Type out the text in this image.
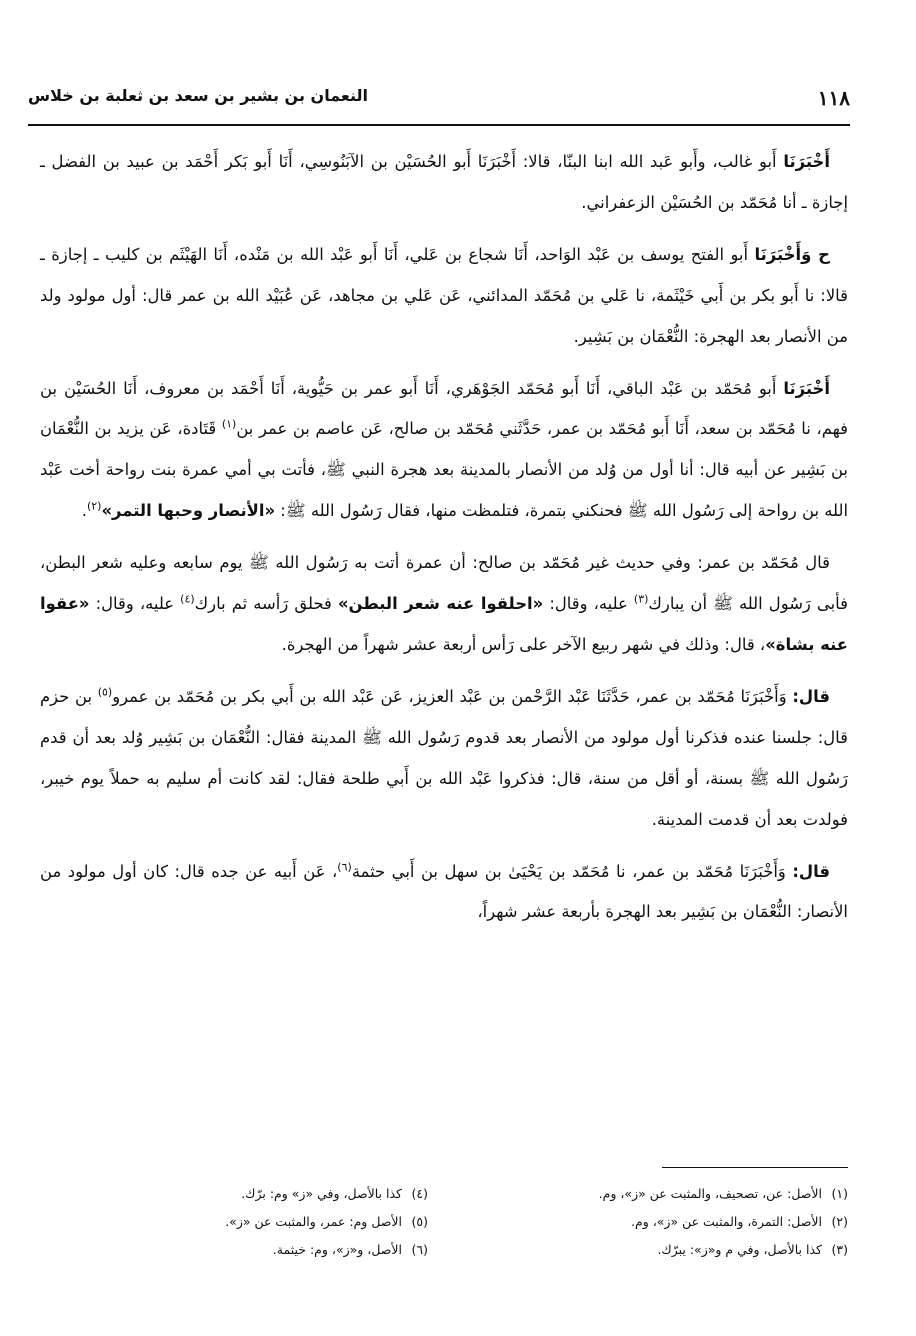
١١٨
النعمان بن بشير بن سعد بن ثعلبة بن خلاس

أَخْبَرَنَا أَبو غالب، وأَبو عَبد الله ابنا البنّا، قالا: أَخْبَرَنَا أَبو الحُسَيْن بن الآبَنُوسِي، أَنَا أَبو بَكر أَحْمَد بن عبيد بن الفضل ـ إجازة ـ أنا مُحَمّد بن الحُسَيْن الزعفراني.

ح وَأَخْبَرَنَا أَبو الفتح يوسف بن عَبْد الوَاحد، أَنَا شجاع بن عَلي، أَنَا أَبو عَبْد الله بن مَنْده، أَنَا الهَيْثَم بن كليب ـ إجازة ـ قالا: نا أَبو بكر بن أَبي خَيْثَمة، نا عَلي بن مُحَمّد المدائني، عَن عَلي بن مجاهد، عَن عُبَيْد الله بن عمر قال: أول مولود ولد من الأنصار بعد الهجرة: النُّعْمَان بن بَشِير.

أَخْبَرَنَا أَبو مُحَمّد بن عَبْد الباقي، أَنَا أَبو مُحَمّد الجَوْهَري، أَنَا أَبو عمر بن حَيُّوية، أَنَا أَحْمَد بن معروف، أَنَا الحُسَيْن بن فهم، نا مُحَمّد بن سعد، أَنَا أَبو مُحَمّد بن عمر، حَدَّثَني مُحَمّد بن صالح، عَن عاصم بن عمر بن$^{(١)}$ قَتَادة، عَن يزيد بن النُّعْمَان بن بَشِير عن أبيه قال: أنا أول من وُلد من الأنصار بالمدينة بعد هجرة النبي ﷺ، فأتت بي أمي عمرة بنت رواحة أخت عَبْد الله بن رواحة إلى رَسُول الله ﷺ فحنكني بتمرة، فتلمظت منها، فقال رَسُول الله ﷺ: «الأنصار وحبها التمر»$^{(٢)}$.

قال مُحَمّد بن عمر: وفي حديث غير مُحَمّد بن صالح: أن عمرة أتت به رَسُول الله ﷺ يوم سابعه وعليه شعر البطن، فأبى رَسُول الله ﷺ أن يبارك$^{(٣)}$ عليه، وقال: «احلقوا عنه شعر البطن» فحلق رَأسه ثم بارك$^{(٤)}$ عليه، وقال: «عقوا عنه بشاة»، قال: وذلك في شهر ربيع الآخر على رَأس أربعة عشر شهراً من الهجرة.

قال: وَأَخْبَرَنَا مُحَمّد بن عمر، حَدَّثَنَا عَبْد الرَّحْمن بن عَبْد العزيز، عَن عَبْد الله بن أَبي بكر بن مُحَمّد بن عمرو$^{(٥)}$ بن حزم قال: جلسنا عنده فذكرنا أول مولود من الأنصار بعد قدوم رَسُول الله ﷺ المدينة فقال: النُّعْمَان بن بَشِير وُلد بعد أن قدم رَسُول الله ﷺ بسنة، أو أقل من سنة، قال: فذكروا عَبْد الله بن أَبي طلحة فقال: لقد كانت أم سليم به حملاً يوم خيبر، فولدت بعد أن قدمت المدينة.

قال: وَأَخْبَرَنَا مُحَمّد بن عمر، نا مُحَمّد بن يَحْيَىٰ بن سهل بن أَبي حثمة$^{(٦)}$، عَن أَبيه عن جده قال: كان أول مولود من الأنصار: النُّعْمَان بن بَشِير بعد الهجرة بأربعة عشر شهراً،

(١)الأصل: عن، تصحيف، والمثبت عن «ز»، وم.
(٢)الأصل: التمرة، والمثبت عن «ز»، وم.
(٣)كذا بالأصل، وفي م و«ز»: يبرّك.
(٤)كذا بالأصل، وفي «ز» وم: برّك.
(٥)الأصل وم: عمر، والمثبت عن «ز».
(٦)الأصل، و«ز»، وم: خيثمة.
